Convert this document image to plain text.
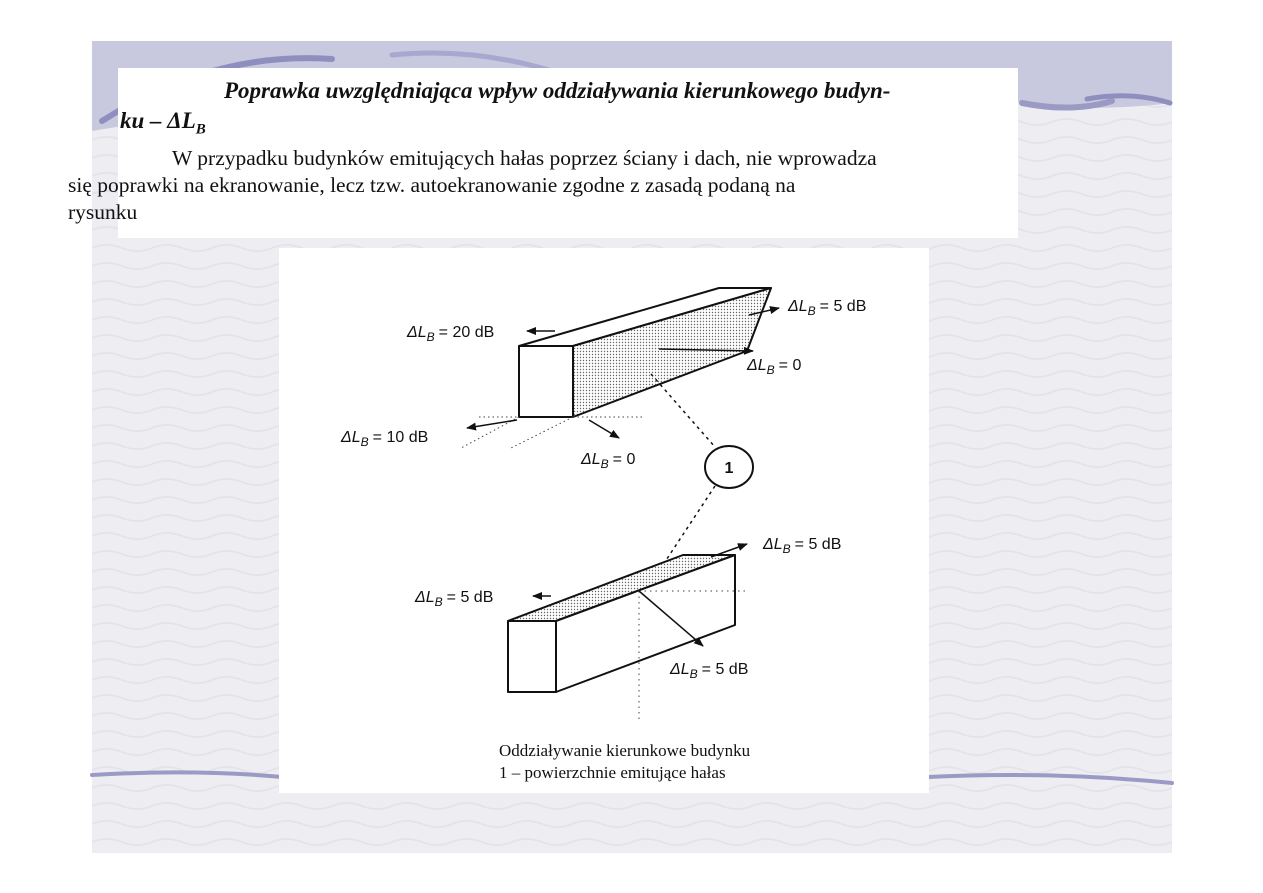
Poprawka uwzględniająca wpływ oddziaływania kierunkowego budyn-
ku – $\Delta L_B$

W przypadku budynków emitujących hałas poprzez ściany i dach, nie wprowadza
się poprawki na ekranowanie, lecz tzw. autoekranowanie zgodne z zasadą podaną na
rysunku

$\Delta L_B = 20$ dB
$\Delta L_B = 5$ dB
$\Delta L_B = 0$
$\Delta L_B = 10$ dB
$\Delta L_B = 0$
1
$\Delta L_B = 5$ dB
$\Delta L_B = 5$ dB
$\Delta L_B = 5$ dB
Oddziaływanie kierunkowe budynku
1 – powierzchnie emitujące hałas
